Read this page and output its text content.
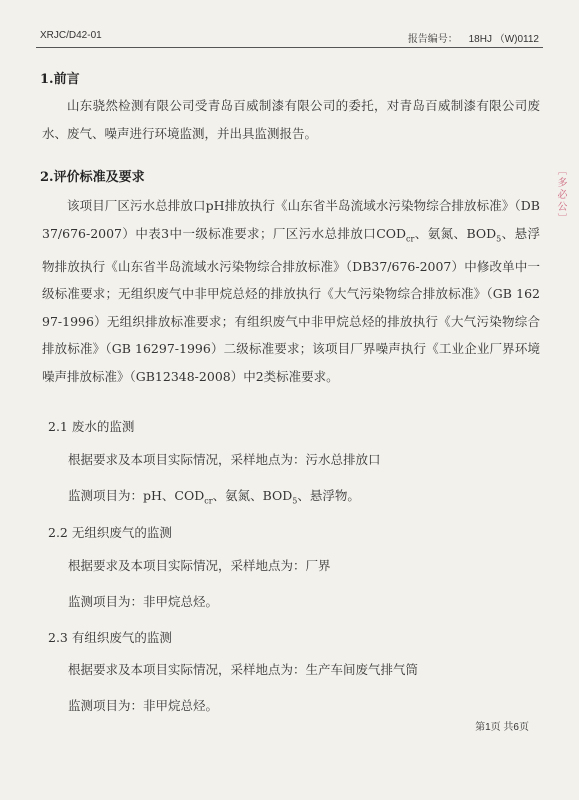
XRJC/D42-01	报告编号： 18HJ （W)0112
1.前言
山东骁然检测有限公司受青岛百威制漆有限公司的委托，对青岛百威制漆有限公司废水、废气、噪声进行环境监测，并出具监测报告。
2.评价标准及要求
该项目厂区污水总排放口pH排放执行《山东省半岛流域水污染物综合排放标准》（DB37/676-2007）中表3中一级标准要求；厂区污水总排放口$COD_{cr}$、氨氮、$BOD_5$、悬浮物排放执行《山东省半岛流域水污染物综合排放标准》（DB37/676-2007）中修改单中一级标准要求；无组织废气中非甲烷总烃的排放执行《大气污染物综合排放标准》（GB 16297-1996）无组织排放标准要求；有组织废气中非甲烷总烃的排放执行《大气污染物综合排放标准》（GB 16297-1996）二级标准要求；该项目厂界噪声执行《工业企业厂界环境噪声排放标准》（GB12348-2008）中2类标准要求。
2.1 废水的监测
根据要求及本项目实际情况，采样地点为：污水总排放口
监测项目为：pH、$COD_{cr}$、氨氮、$BOD_5$、悬浮物。
2.2 无组织废气的监测
根据要求及本项目实际情况，采样地点为：厂界
监测项目为：非甲烷总烃。
2.3 有组织废气的监测
根据要求及本项目实际情况，采样地点为：生产车间废气排气筒
监测项目为：非甲烷总烃。
第1页 共6页
〔多必公〕
